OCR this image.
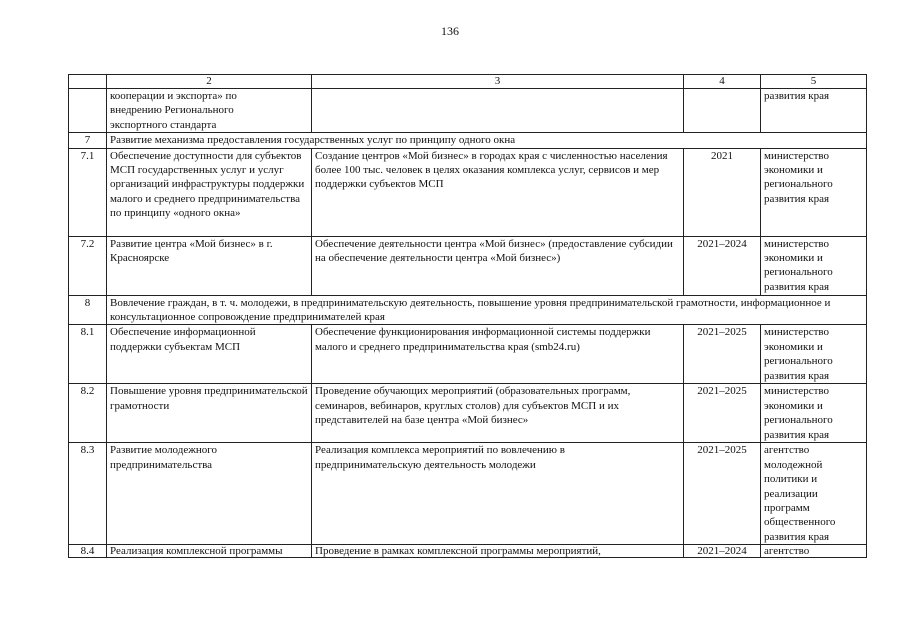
136
	2	3	4	5
	кооперации и экспорта» по внедрению Регионального экспортного стандарта			развития края
7	Развитие механизма предоставления государственных услуг по принципу одного окна			
7.1	Обеспечение доступности для субъектов МСП государственных услуг и услуг организаций инфраструктуры поддержки малого и среднего предпринимательства по принципу «одного окна»	Создание центров «Мой бизнес» в городах края с численностью населения более 100 тыс. человек в целях оказания комплекса услуг, сервисов и мер поддержки субъектов МСП	2021	министерство экономики и регионального развития края
7.2	Развитие центра «Мой бизнес» в г. Красноярске	Обеспечение деятельности центра «Мой бизнес» (предоставление субсидии на обеспечение деятельности центра «Мой бизнес»)	2021–2024	министерство экономики и регионального развития края
8	Вовлечение граждан, в т. ч. молодежи, в предпринимательскую деятельность, повышение уровня предпринимательской грамотности, информационное и консультационное сопровождение предпринимателей края			
8.1	Обеспечение информационной поддержки субъектам МСП	Обеспечение функционирования информационной системы поддержки малого и среднего предпринимательства края (smb24.ru)	2021–2025	министерство экономики и регионального развития края
8.2	Повышение уровня предпринимательской грамотности	Проведение обучающих мероприятий (образовательных программ, семинаров, вебинаров, круглых столов) для субъектов МСП и их представителей на базе центра «Мой бизнес»	2021–2025	министерство экономики и регионального развития края
8.3	Развитие молодежного предпринимательства	Реализация комплекса мероприятий по вовлечению в предпринимательскую деятельность молодежи	2021–2025	агентство молодежной политики и реализации программ общественного развития края
8.4	Реализация комплексной программы	Проведение в рамках комплексной программы мероприятий,	2021–2024	агентство
